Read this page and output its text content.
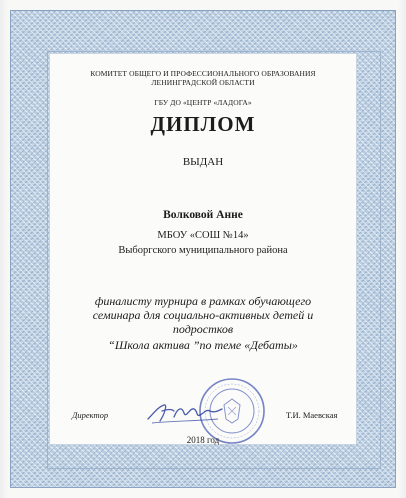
КОМИТЕТ ОБЩЕГО И ПРОФЕССИОНАЛЬНОГО ОБРАЗОВАНИЯ
ЛЕНИНГРАДСКОЙ ОБЛАСТИ
ГБУ ДО «ЦЕНТР «ЛАДОГА»
ДИПЛОМ
ВЫДАН
Волковой Анне
МБОУ «СОШ №14»
Выборгского муниципального района
финалисту турнира в рамках обучающего
семинара для социально-активных детей и
подростков
“Школа актива ”по теме «Дебаты»
Директор	Т.И. Маевская
2018 год
